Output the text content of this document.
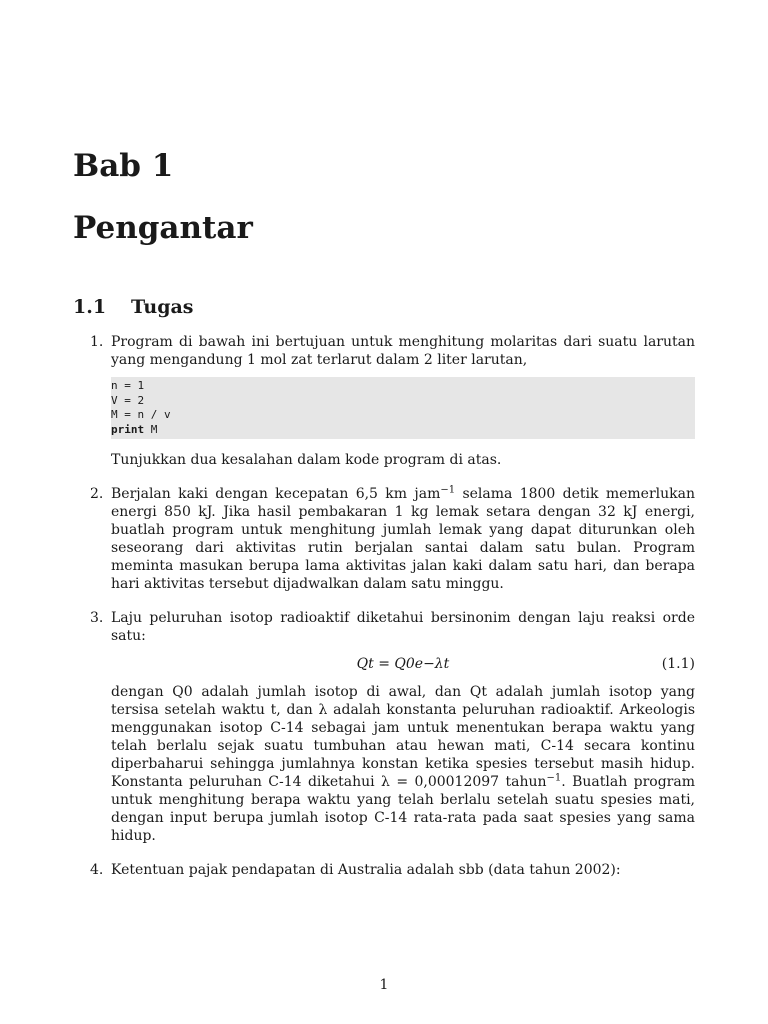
Bab 1
Pengantar
1.1 Tugas
1. Program di bawah ini bertujuan untuk menghitung molaritas dari suatu larutan yang mengandung 1 mol zat terlarut dalam 2 liter larutan,

n = 1
V = 2
M = n / v
print M

Tunjukkan dua kesalahan dalam kode program di atas.

2. Berjalan kaki dengan kecepatan 6,5 km jam$^{-1}$ selama 1800 detik memerlukan energi 850 kJ. Jika hasil pembakaran 1 kg lemak setara dengan 32 kJ energi, buatlah program untuk menghitung jumlah lemak yang dapat diturunkan oleh seseorang dari aktivitas rutin berjalan santai dalam satu bulan. Program meminta masukan berupa lama aktivitas jalan kaki dalam satu hari, dan berapa hari aktivitas tersebut dijadwalkan dalam satu minggu.

3. Laju peluruhan isotop radioaktif diketahui bersinonim dengan laju reaksi orde satu:

Qt = Q0e−λt	(1.1)

dengan Q0 adalah jumlah isotop di awal, dan Qt adalah jumlah isotop yang tersisa setelah waktu t, dan λ adalah konstanta peluruhan radioaktif. Arkeologis menggunakan isotop C-14 sebagai jam untuk menentukan berapa waktu yang telah berlalu sejak suatu tumbuhan atau hewan mati, C-14 secara kontinu diperbaharui sehingga jumlahnya konstan ketika spesies tersebut masih hidup. Konstanta peluruhan C-14 diketahui λ = 0,00012097 tahun$^{-1}$. Buatlah program untuk menghitung berapa waktu yang telah berlalu setelah suatu spesies mati, dengan input berupa jumlah isotop C-14 rata-rata pada saat spesies yang sama hidup.

4. Ketentuan pajak pendapatan di Australia adalah sbb (data tahun 2002):

1
